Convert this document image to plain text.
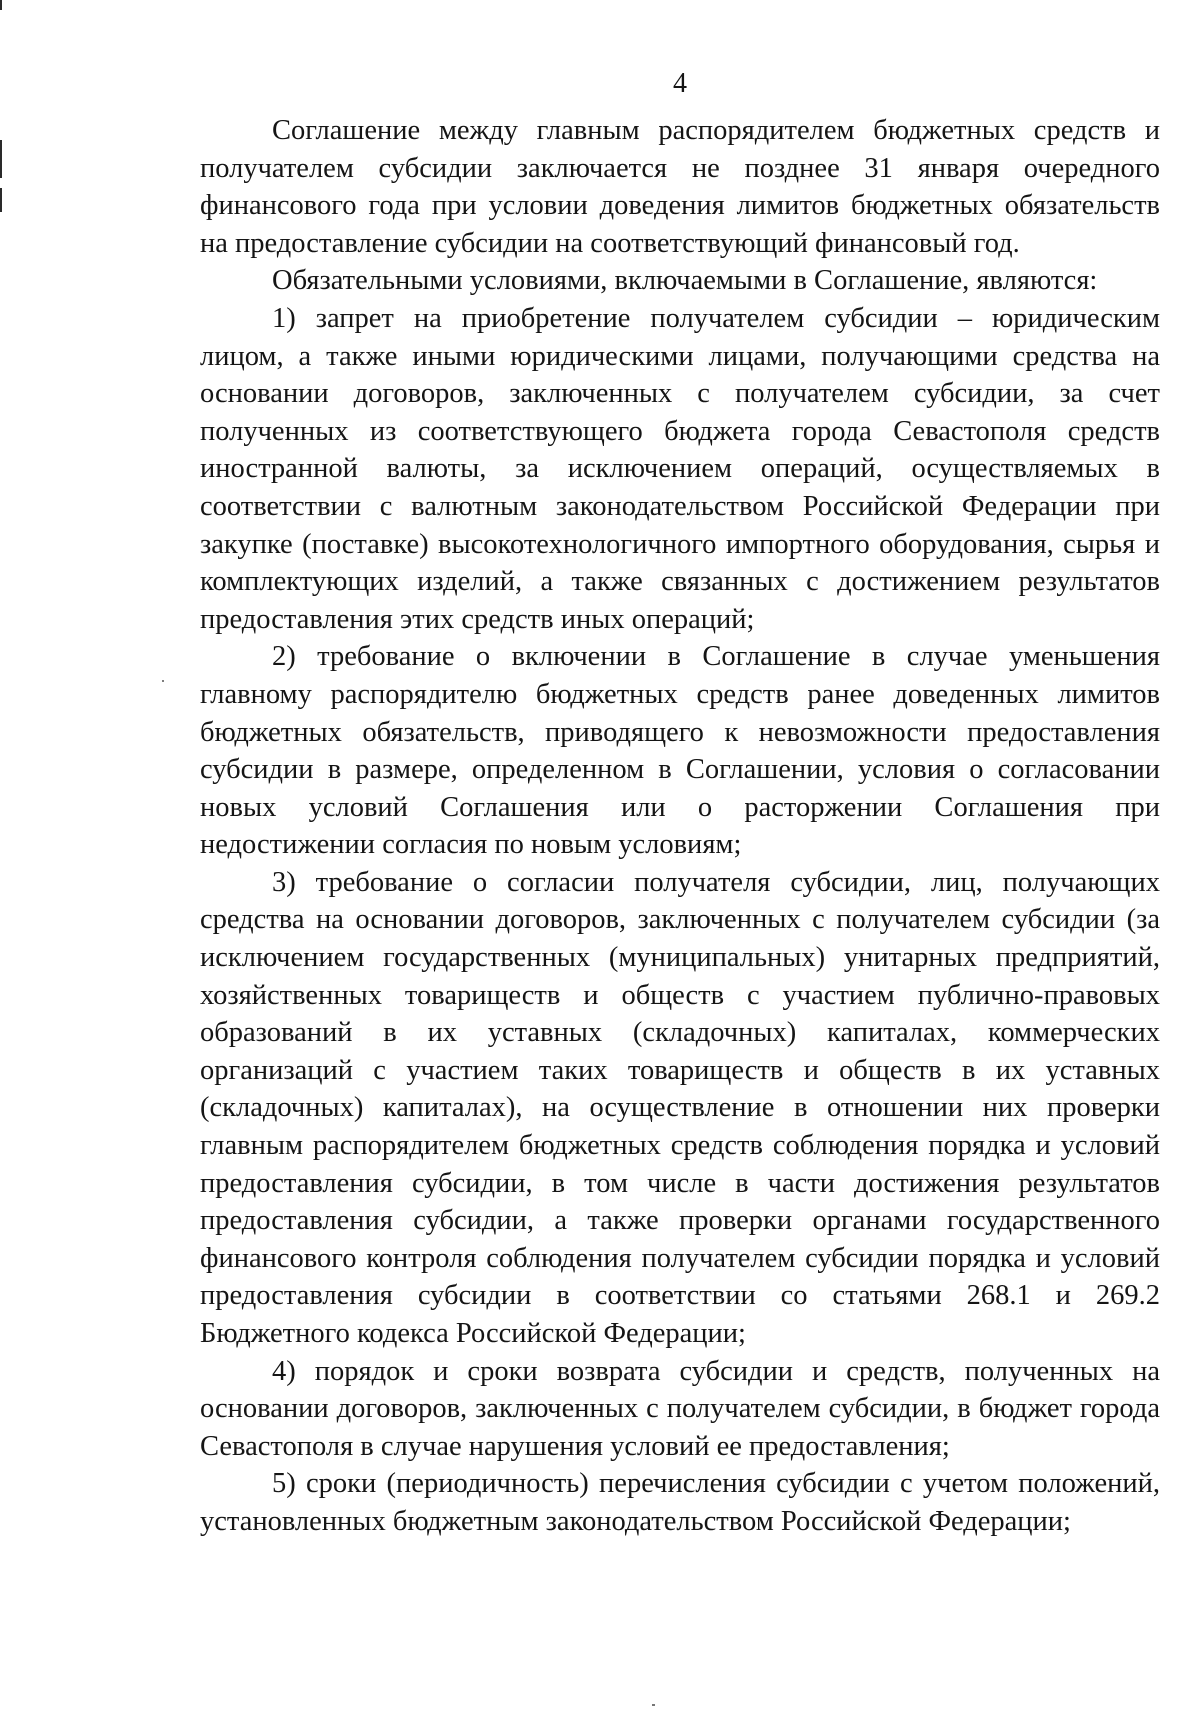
4

Соглашение между главным распорядителем бюджетных средств и получателем субсидии заключается не позднее 31 января очередного финансового года при условии доведения лимитов бюджетных обязательств на предоставление субсидии на соответствующий финансовый год.

Обязательными условиями, включаемыми в Соглашение, являются:

1) запрет на приобретение получателем субсидии – юридическим лицом, а также иными юридическими лицами, получающими средства на основании договоров, заключенных с получателем субсидии, за счет полученных из соответствующего бюджета города Севастополя средств иностранной валюты, за исключением операций, осуществляемых в соответствии с валютным законодательством Российской Федерации при закупке (поставке) высокотехнологичного импортного оборудования, сырья и комплектующих изделий, а также связанных с достижением результатов предоставления этих средств иных операций;

2) требование о включении в Соглашение в случае уменьшения главному распорядителю бюджетных средств ранее доведенных лимитов бюджетных обязательств, приводящего к невозможности предоставления субсидии в размере, определенном в Соглашении, условия о согласовании новых условий Соглашения или о расторжении Соглашения при недостижении согласия по новым условиям;

3) требование о согласии получателя субсидии, лиц, получающих средства на основании договоров, заключенных с получателем субсидии (за исключением государственных (муниципальных) унитарных предприятий, хозяйственных товариществ и обществ с участием публично-правовых образований в их уставных (складочных) капиталах, коммерческих организаций с участием таких товариществ и обществ в их уставных (складочных) капиталах), на осуществление в отношении них проверки главным распорядителем бюджетных средств соблюдения порядка и условий предоставления субсидии, в том числе в части достижения результатов предоставления субсидии, а также проверки органами государственного финансового контроля соблюдения получателем субсидии порядка и условий предоставления субсидии в соответствии со статьями 268.1 и 269.2 Бюджетного кодекса Российской Федерации;

4) порядок и сроки возврата субсидии и средств, полученных на основании договоров, заключенных с получателем субсидии, в бюджет города Севастополя в случае нарушения условий ее предоставления;

5) сроки (периодичность) перечисления субсидии с учетом положений, установленных бюджетным законодательством Российской Федерации;
